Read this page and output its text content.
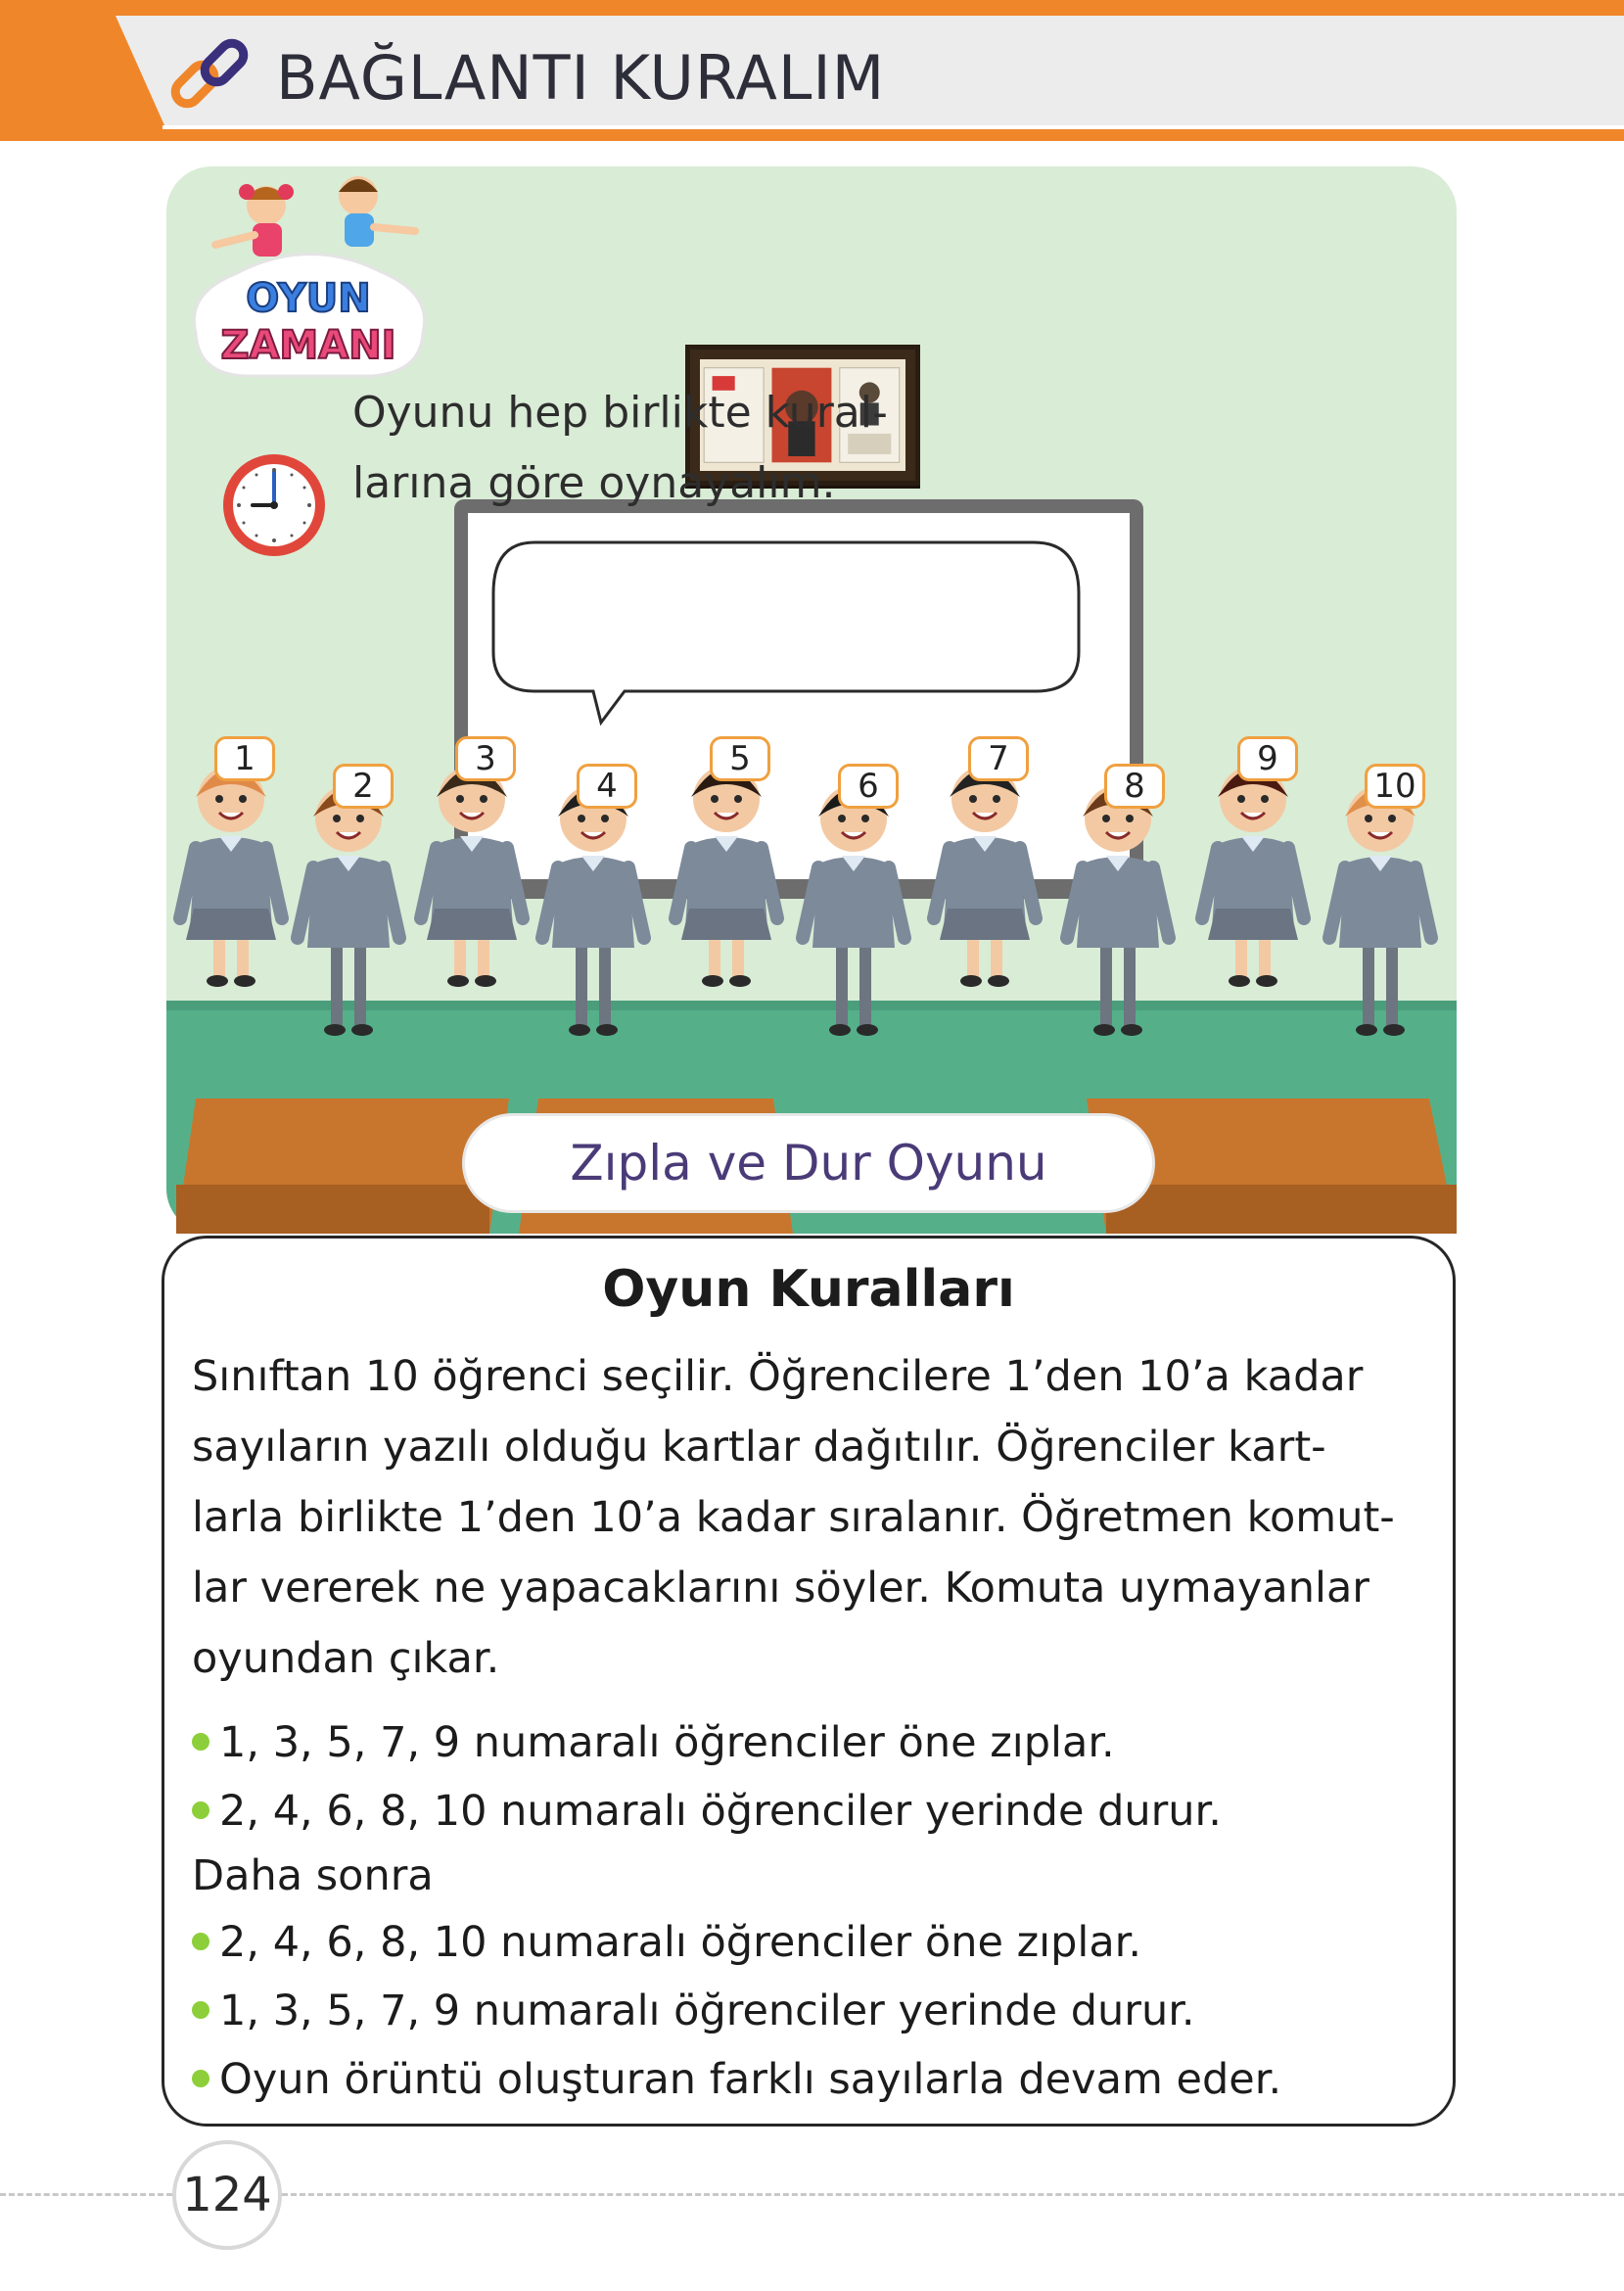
BAĞLANTI KURALIM
OYUN
ZAMANI
Oyunu hep birlikte kural-
larına göre oynayalım.
1
2
3
4
5
6
7
8
9
10
Zıpla ve Dur Oyunu
Oyun Kuralları
Sınıftan 10 öğrenci seçilir. Öğrencilere 1’den 10’a kadar
sayıların yazılı olduğu kartlar dağıtılır. Öğrenciler kart-
larla birlikte 1’den 10’a kadar sıralanır. Öğretmen komut-
lar vererek ne yapacaklarını söyler. Komuta uymayanlar
oyundan çıkar.
1, 3, 5, 7, 9 numaralı öğrenciler öne zıplar.
2, 4, 6, 8, 10 numaralı öğrenciler yerinde durur.
Daha sonra
2, 4, 6, 8, 10 numaralı öğrenciler öne zıplar.
1, 3, 5, 7, 9 numaralı öğrenciler yerinde durur.
Oyun örüntü oluşturan farklı sayılarla devam eder.
124
